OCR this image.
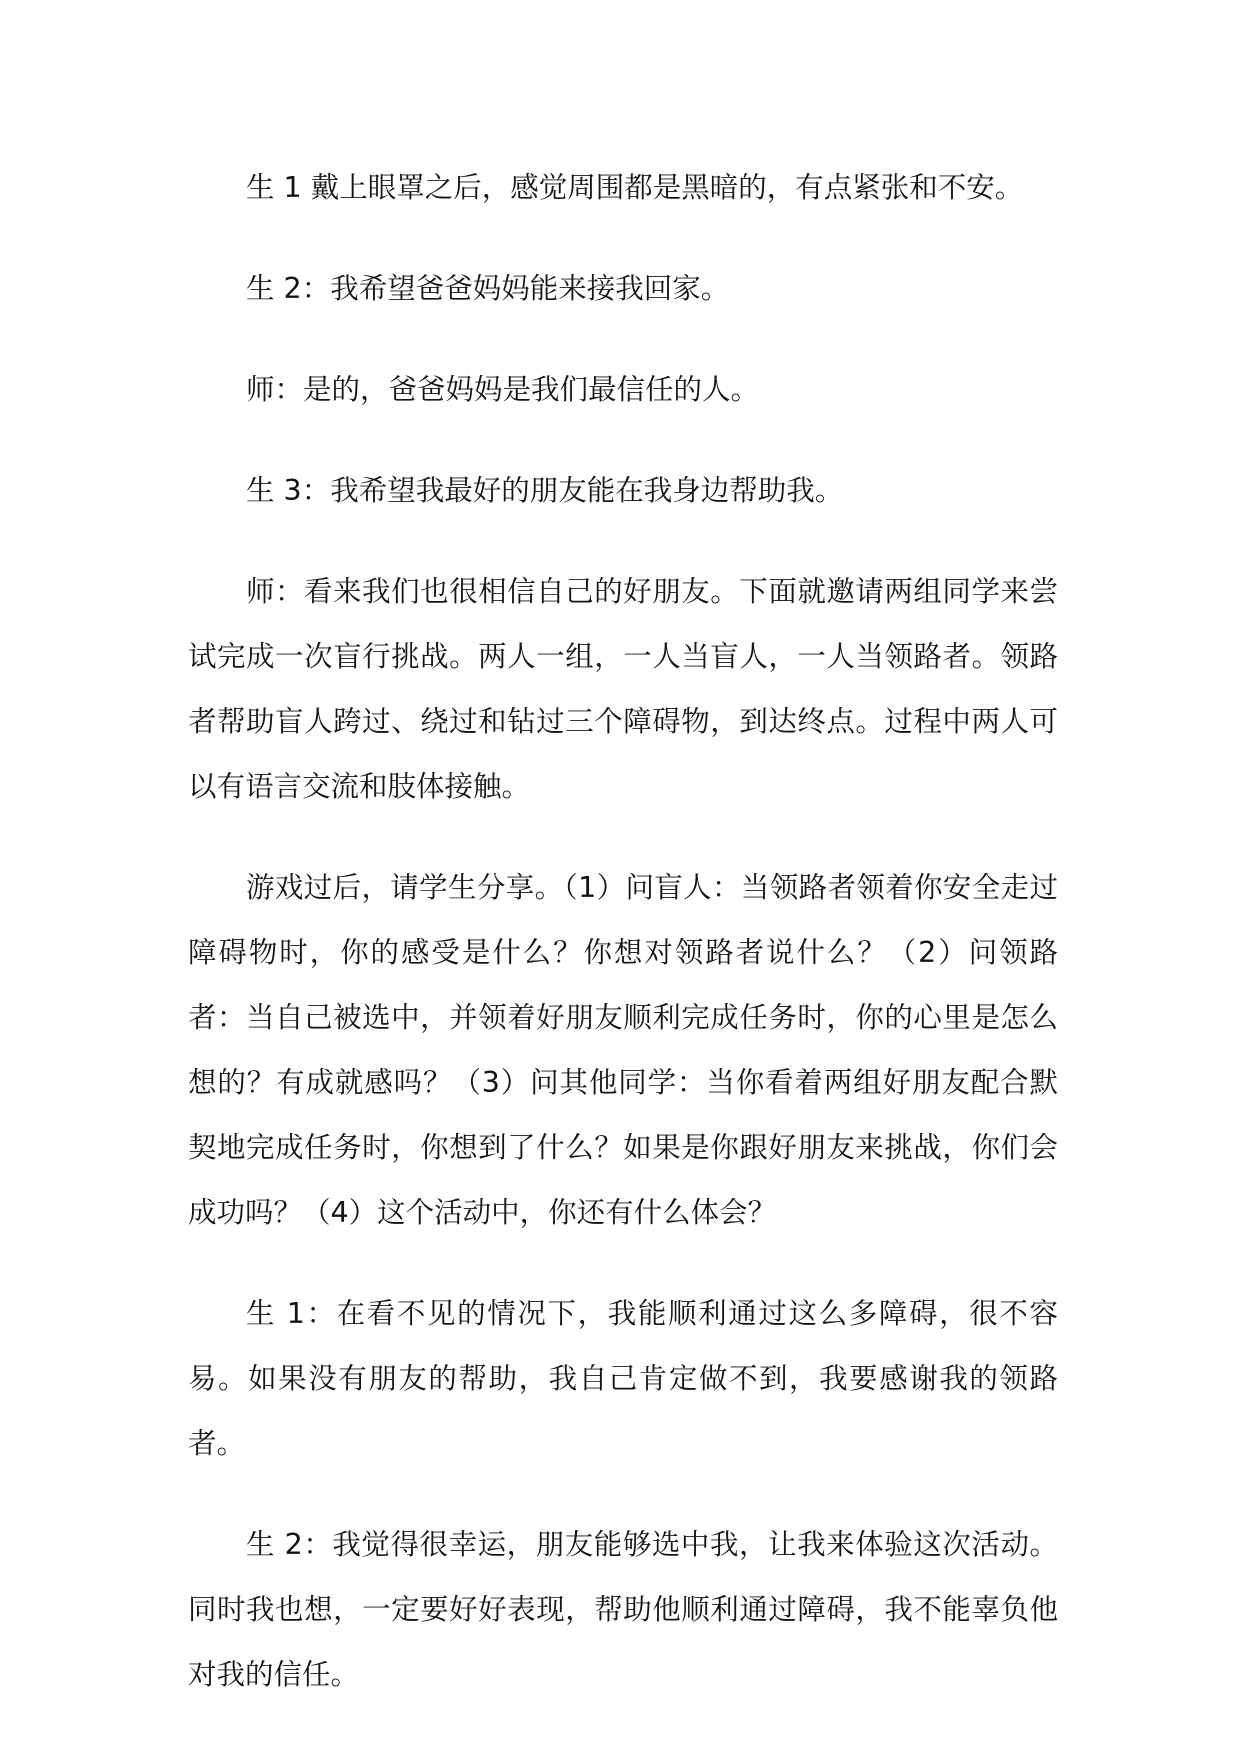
生 1 戴上眼罩之后，感觉周围都是黑暗的，有点紧张和不安。

生 2：我希望爸爸妈妈能来接我回家。

师：是的，爸爸妈妈是我们最信任的人。

生 3：我希望我最好的朋友能在我身边帮助我。

师：看来我们也很相信自己的好朋友。下面就邀请两组同学来尝试完成一次盲行挑战。两人一组，一人当盲人，一人当领路者。领路者帮助盲人跨过、绕过和钻过三个障碍物，到达终点。过程中两人可以有语言交流和肢体接触。

游戏过后，请学生分享。（1）问盲人：当领路者领着你安全走过障碍物时，你的感受是什么？你想对领路者说什么？（2）问领路者：当自己被选中，并领着好朋友顺利完成任务时，你的心里是怎么想的？有成就感吗？（3）问其他同学：当你看着两组好朋友配合默契地完成任务时，你想到了什么？如果是你跟好朋友来挑战，你们会成功吗？（4）这个活动中，你还有什么体会？

生 1：在看不见的情况下，我能顺利通过这么多障碍，很不容易。如果没有朋友的帮助，我自己肯定做不到，我要感谢我的领路者。

生 2：我觉得很幸运，朋友能够选中我，让我来体验这次活动。同时我也想，一定要好好表现，帮助他顺利通过障碍，我不能辜负他对我的信任。
